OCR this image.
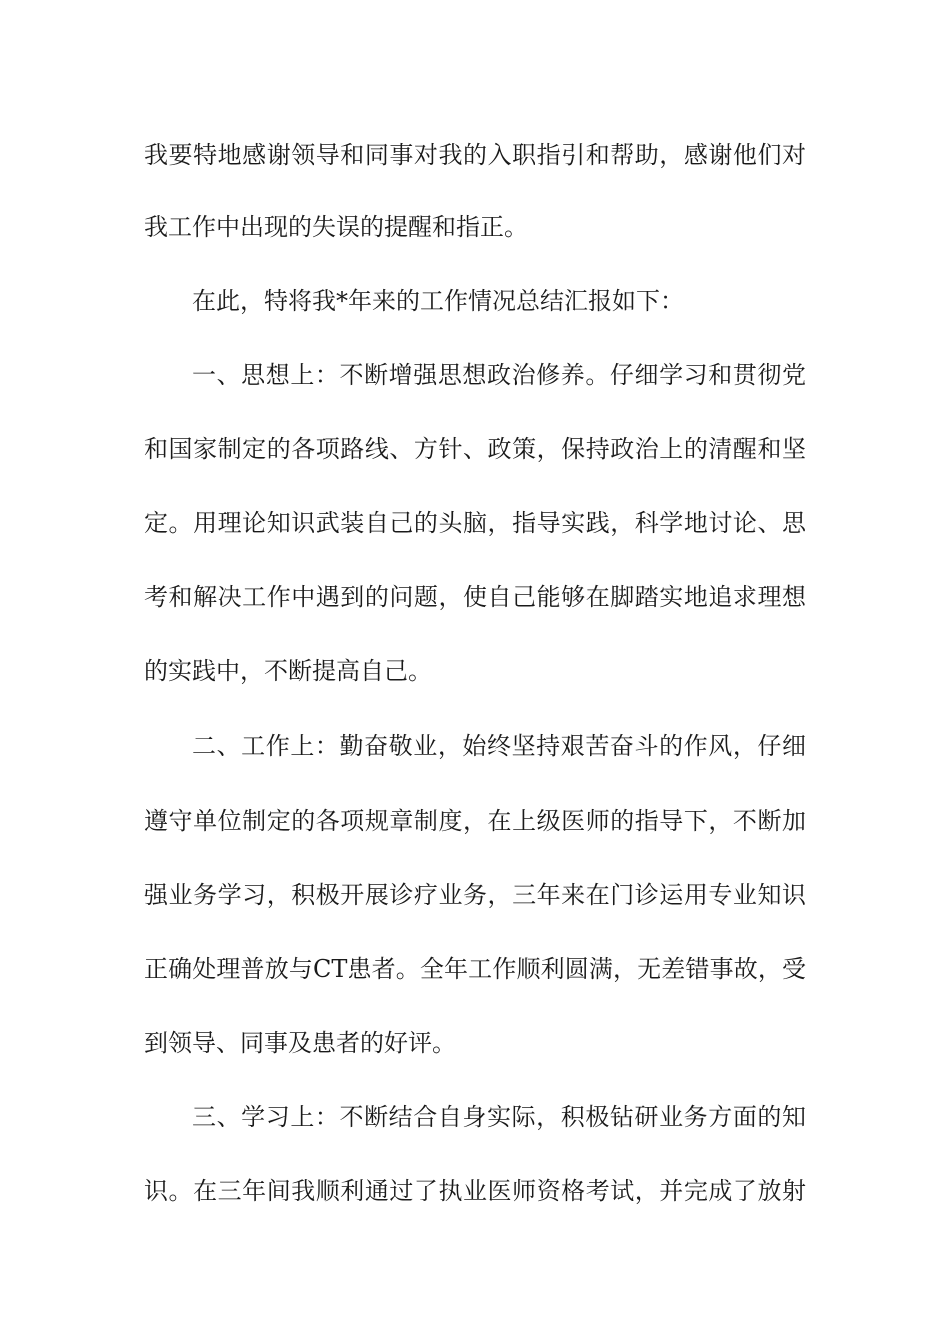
我要特地感谢领导和同事对我的入职指引和帮助，感谢他们对
我工作中出现的失误的提醒和指正。
在此，特将我*年来的工作情况总结汇报如下：
一、思想上：不断增强思想政治修养。仔细学习和贯彻党
和国家制定的各项路线、方针、政策，保持政治上的清醒和坚
定。用理论知识武装自己的头脑，指导实践，科学地讨论、思
考和解决工作中遇到的问题，使自己能够在脚踏实地追求理想
的实践中，不断提高自己。
二、工作上：勤奋敬业，始终坚持艰苦奋斗的作风，仔细
遵守单位制定的各项规章制度，在上级医师的指导下，不断加
强业务学习，积极开展诊疗业务，三年来在门诊运用专业知识
正确处理普放与CT患者。全年工作顺利圆满，无差错事故，受
到领导、同事及患者的好评。
三、学习上：不断结合自身实际，积极钻研业务方面的知
识。在三年间我顺利通过了执业医师资格考试，并完成了放射
